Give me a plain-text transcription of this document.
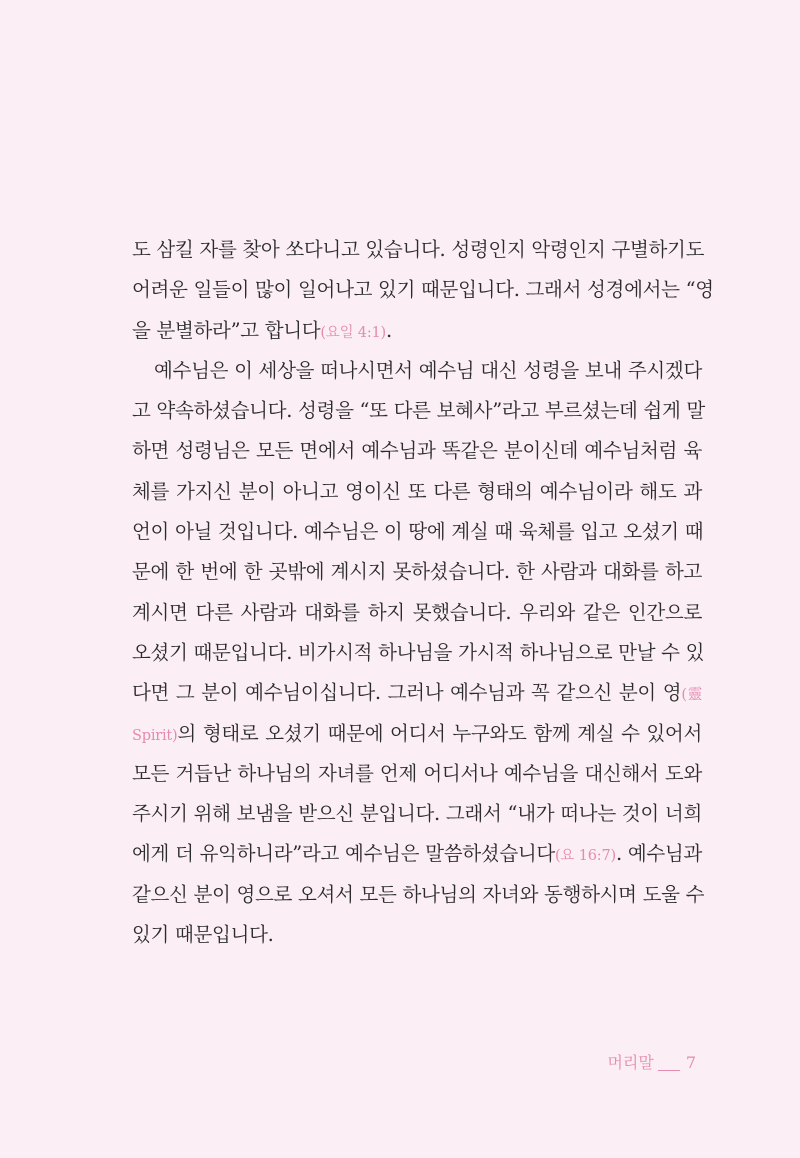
도 삼킬 자를 찾아 쏘다니고 있습니다. 성령인지 악령인지 구별하기도
어려운 일들이 많이 일어나고 있기 때문입니다. 그래서 성경에서는 “영
을 분별하라”고 합니다(요일 4:1).
예수님은 이 세상을 떠나시면서 예수님 대신 성령을 보내 주시겠다
고 약속하셨습니다. 성령을 “또 다른 보혜사”라고 부르셨는데 쉽게 말
하면 성령님은 모든 면에서 예수님과 똑같은 분이신데 예수님처럼 육
체를 가지신 분이 아니고 영이신 또 다른 형태의 예수님이라 해도 과
언이 아닐 것입니다. 예수님은 이 땅에 계실 때 육체를 입고 오셨기 때
문에 한 번에 한 곳밖에 계시지 못하셨습니다. 한 사람과 대화를 하고
계시면 다른 사람과 대화를 하지 못했습니다. 우리와 같은 인간으로
오셨기 때문입니다. 비가시적 하나님을 가시적 하나님으로 만날 수 있
다면 그 분이 예수님이십니다. 그러나 예수님과 꼭 같으신 분이 영(靈
Spirit)의 형태로 오셨기 때문에 어디서 누구와도 함께 계실 수 있어서
모든 거듭난 하나님의 자녀를 언제 어디서나 예수님을 대신해서 도와
주시기 위해 보냄을 받으신 분입니다. 그래서 “내가 떠나는 것이 너희
에게 더 유익하니라”라고 예수님은 말씀하셨습니다(요 16:7). 예수님과
같으신 분이 영으로 오셔서 모든 하나님의 자녀와 동행하시며 도울 수
있기 때문입니다.
머리말 7
